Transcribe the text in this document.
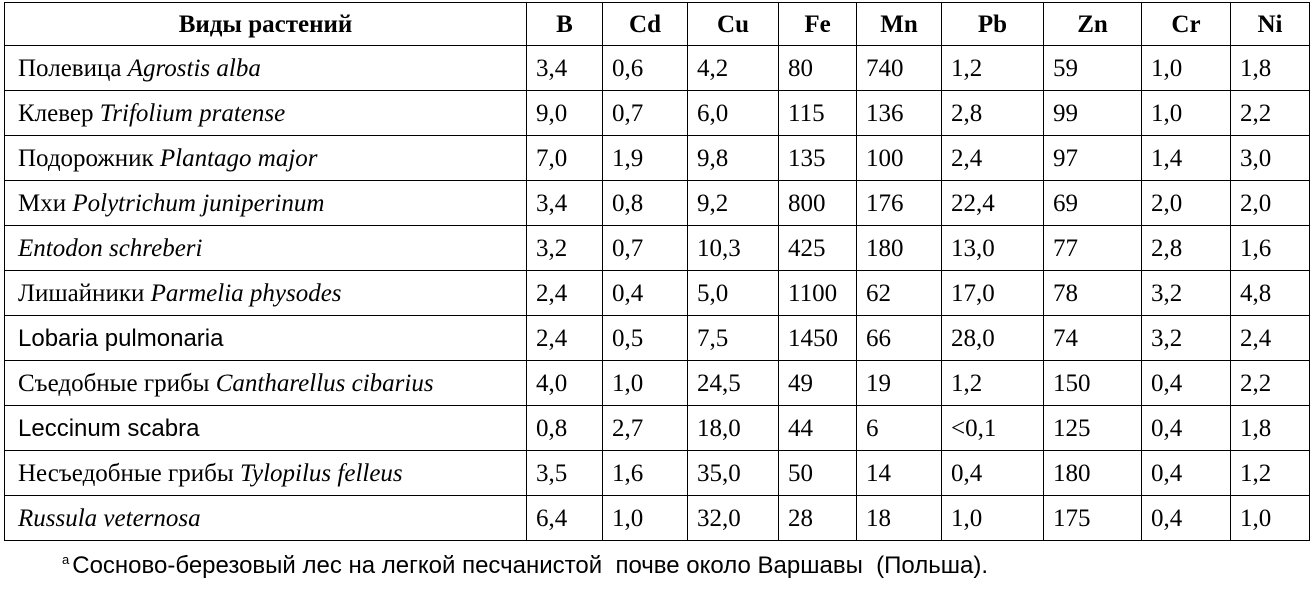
Виды растений	B	Cd	Cu	Fe	Mn	Pb	Zn	Cr	Ni
Полевица Agrostis alba	3,4	0,6	4,2	80	740	1,2	59	1,0	1,8
Клевер Trifolium pratense	9,0	0,7	6,0	115	136	2,8	99	1,0	2,2
Подорожник Plantago major	7,0	1,9	9,8	135	100	2,4	97	1,4	3,0
Мхи Polytrichum juniperinum	3,4	0,8	9,2	800	176	22,4	69	2,0	2,0
Entodon schreberi	3,2	0,7	10,3	425	180	13,0	77	2,8	1,6
Лишайники Parmelia physodes	2,4	0,4	5,0	1100	62	17,0	78	3,2	4,8
Lobaria pulmonaria	2,4	0,5	7,5	1450	66	28,0	74	3,2	2,4
Съедобные грибы Cantharellus cibarius	4,0	1,0	24,5	49	19	1,2	150	0,4	2,2
Leccinum scabra	0,8	2,7	18,0	44	6	<0,1	125	0,4	1,8
Несъедобные грибы Tylopilus felleus	3,5	1,6	35,0	50	14	0,4	180	0,4	1,2
Russula veternosa	6,4	1,0	32,0	28	18	1,0	175	0,4	1,0
$^a$ Сосново-березовый лес на легкой песчанистой  почве около Варшавы  (Польша).
